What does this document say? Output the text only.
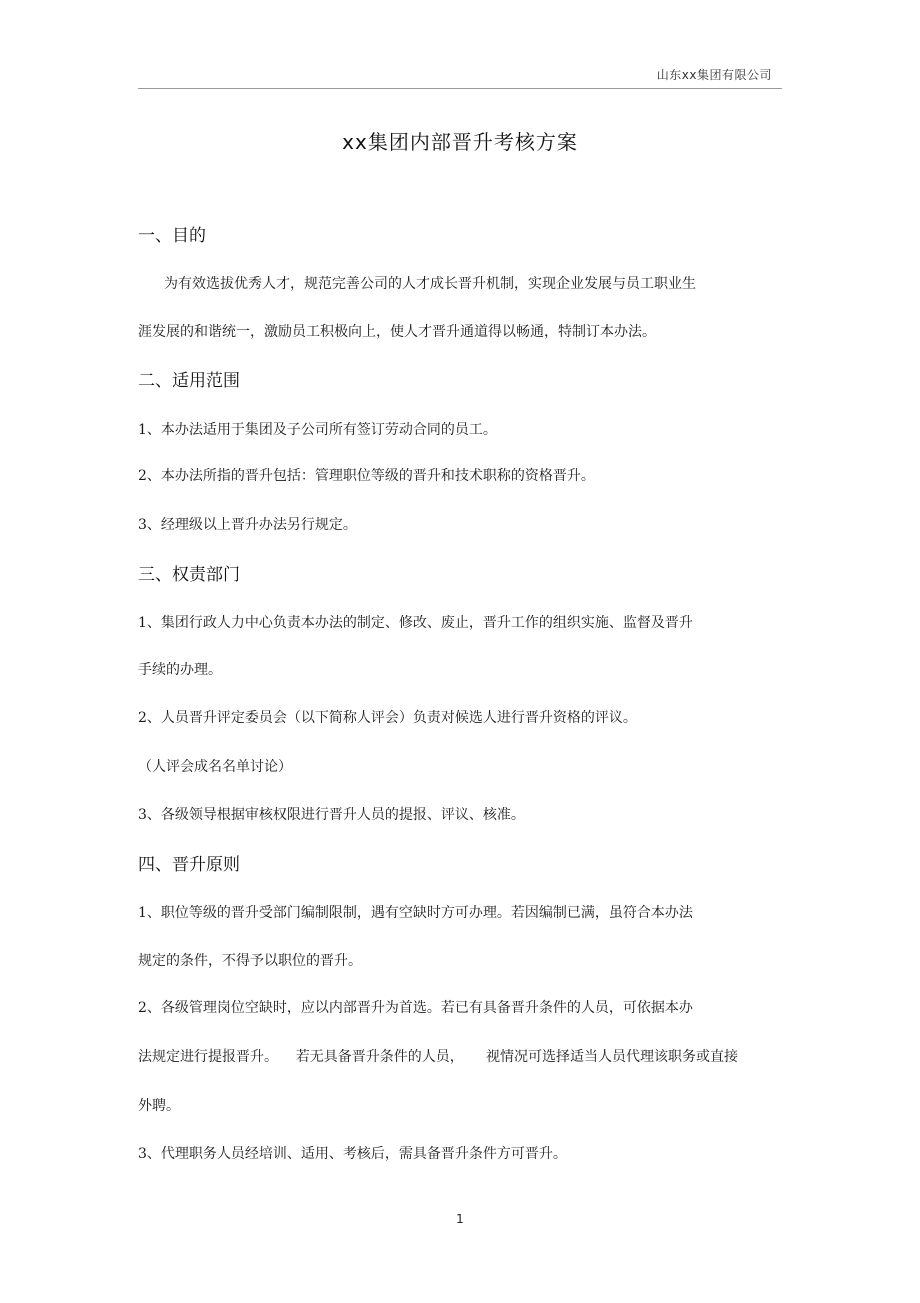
山东xx集团有限公司
xx集团内部晋升考核方案
一、目的
为有效选拔优秀人才，规范完善公司的人才成长晋升机制，实现企业发展与员工职业生
涯发展的和谐统一，激励员工积极向上，使人才晋升通道得以畅通，特制订本办法。
二、适用范围
1、本办法适用于集团及子公司所有签订劳动合同的员工。
2、本办法所指的晋升包括：管理职位等级的晋升和技术职称的资格晋升。
3、经理级以上晋升办法另行规定。
三、权责部门
1、集团行政人力中心负责本办法的制定、修改、废止，晋升工作的组织实施、监督及晋升
手续的办理。
2、人员晋升评定委员会（以下简称人评会）负责对候选人进行晋升资格的评议。
（人评会成名名单讨论）
3、各级领导根据审核权限进行晋升人员的提报、评议、核准。
四、晋升原则
1、职位等级的晋升受部门编制限制，遇有空缺时方可办理。若因编制已满，虽符合本办法
规定的条件，不得予以职位的晋升。
2、各级管理岗位空缺时，应以内部晋升为首选。若已有具备晋升条件的人员，可依据本办
法规定进行提报晋升。    若无具备晋升条件的人员，     视情况可选择适当人员代理该职务或直接
外聘。
3、代理职务人员经培训、适用、考核后，需具备晋升条件方可晋升。
1
